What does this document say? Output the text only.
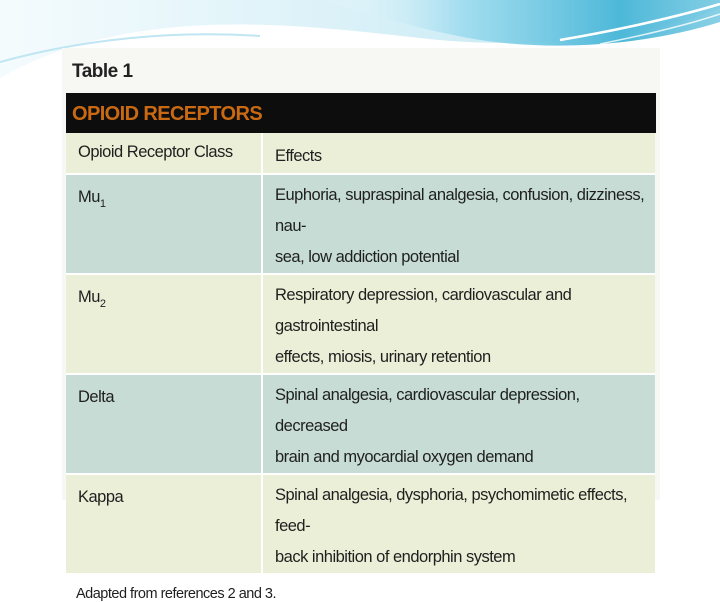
Table 1
OPIOID RECEPTORS
Opioid Receptor Class	Effects
$Mu_1$	Euphoria, supraspinal analgesia, confusion, dizziness, nau-
sea, low addiction potential
$Mu_2$	Respiratory depression, cardiovascular and gastrointestinal
effects, miosis, urinary retention
Delta	Spinal analgesia, cardiovascular depression, decreased
brain and myocardial oxygen demand
Kappa	Spinal analgesia, dysphoria, psychomimetic effects, feed-
back inhibition of endorphin system
Adapted from references 2 and 3.
